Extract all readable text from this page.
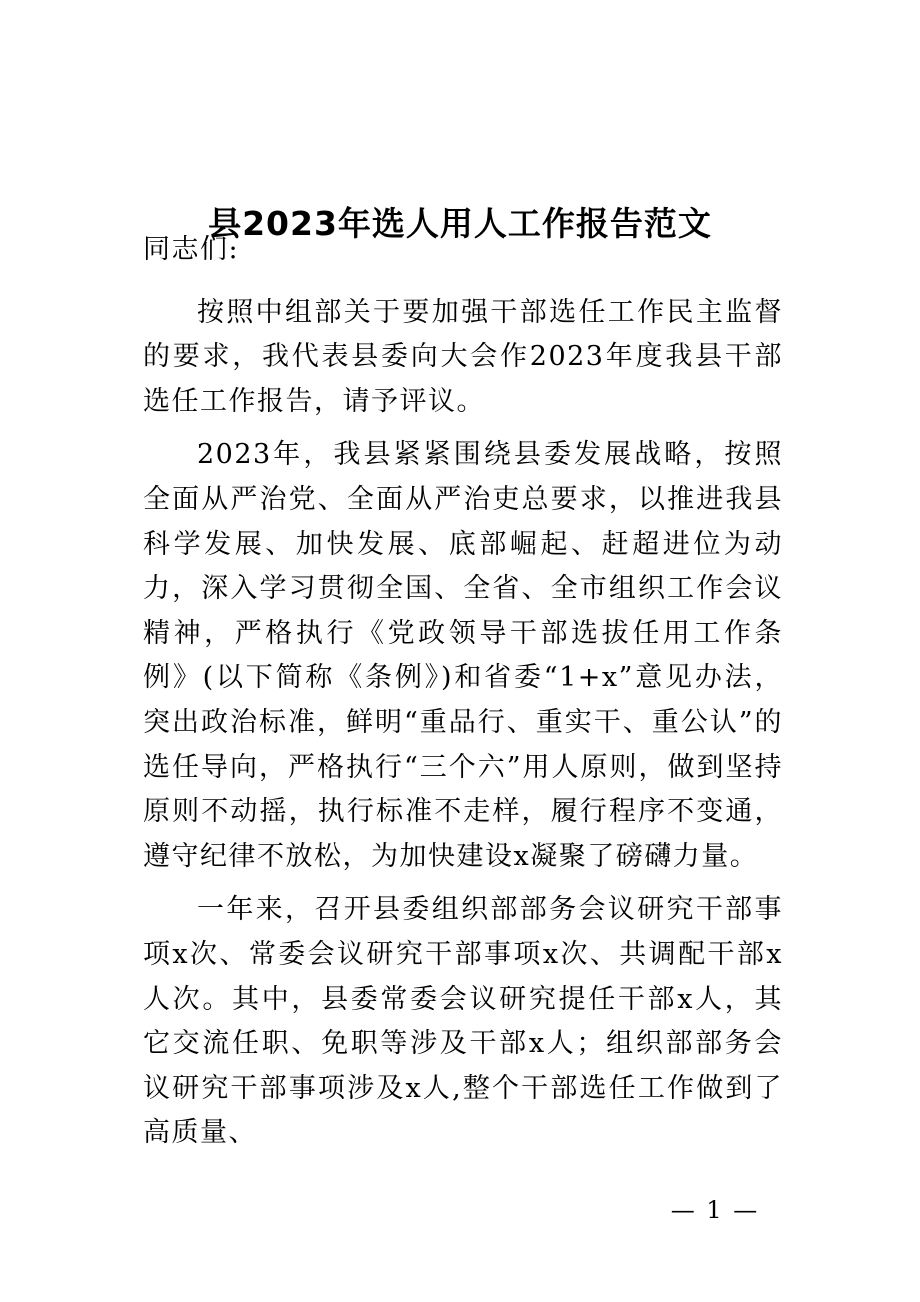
县2023年选人用人工作报告范文

同志们:

按照中组部关于要加强干部选任工作民主监督的要求，我代表县委向大会作2023年度我县干部选任工作报告，请予评议。

2023年，我县紧紧围绕县委发展战略，按照全面从严治党、全面从严治吏总要求，以推进我县科学发展、加快发展、底部崛起、赶超进位为动力，深入学习贯彻全国、全省、全市组织工作会议精神，严格执行《党政领导干部选拔任用工作条例》(以下简称《条例》)和省委“1+x”意见办法，突出政治标准，鲜明“重品行、重实干、重公认”的选任导向，严格执行“三个六”用人原则，做到坚持原则不动摇，执行标准不走样，履行程序不变通，遵守纪律不放松，为加快建设x凝聚了磅礴力量。

一年来，召开县委组织部部务会议研究干部事项x次、常委会议研究干部事项x次、共调配干部x人次。其中，县委常委会议研究提任干部x人，其它交流任职、免职等涉及干部x人；组织部部务会议研究干部事项涉及x人,整个干部选任工作做到了高质量、

— 1 —
